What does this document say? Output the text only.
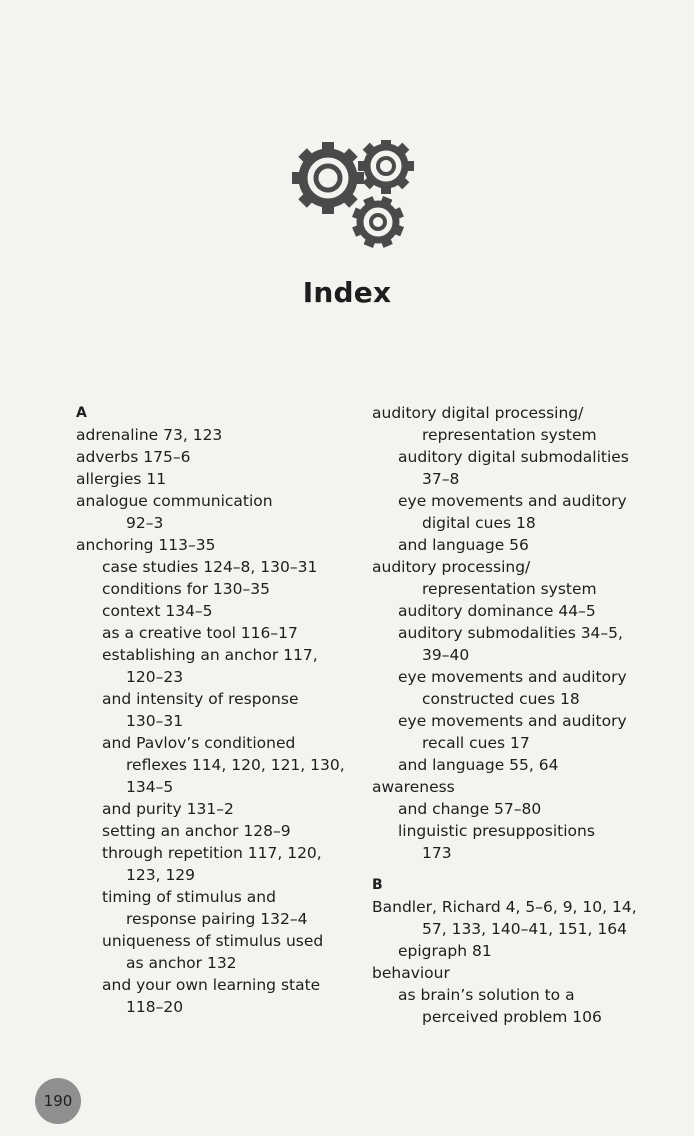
Index
A
adrenaline 73, 123
adverbs 175–6
allergies 11
analogue communication
92–3
anchoring 113–35
case studies 124–8, 130–31
conditions for 130–35
context 134–5
as a creative tool 116–17
establishing an anchor 117,
120–23
and intensity of response
130–31
and Pavlov’s conditioned
reflexes 114, 120, 121, 130,
134–5
and purity 131–2
setting an anchor 128–9
through repetition 117, 120,
123, 129
timing of stimulus and
response pairing 132–4
uniqueness of stimulus used
as anchor 132
and your own learning state
118–20
auditory digital processing/
representation system
auditory digital submodalities
37–8
eye movements and auditory
digital cues 18
and language 56
auditory processing/
representation system
auditory dominance 44–5
auditory submodalities 34–5,
39–40
eye movements and auditory
constructed cues 18
eye movements and auditory
recall cues 17
and language 55, 64
awareness
and change 57–80
linguistic presuppositions
173
B
Bandler, Richard 4, 5–6, 9, 10, 14,
57, 133, 140–41, 151, 164
epigraph 81
behaviour
as brain’s solution to a
perceived problem 106
190
